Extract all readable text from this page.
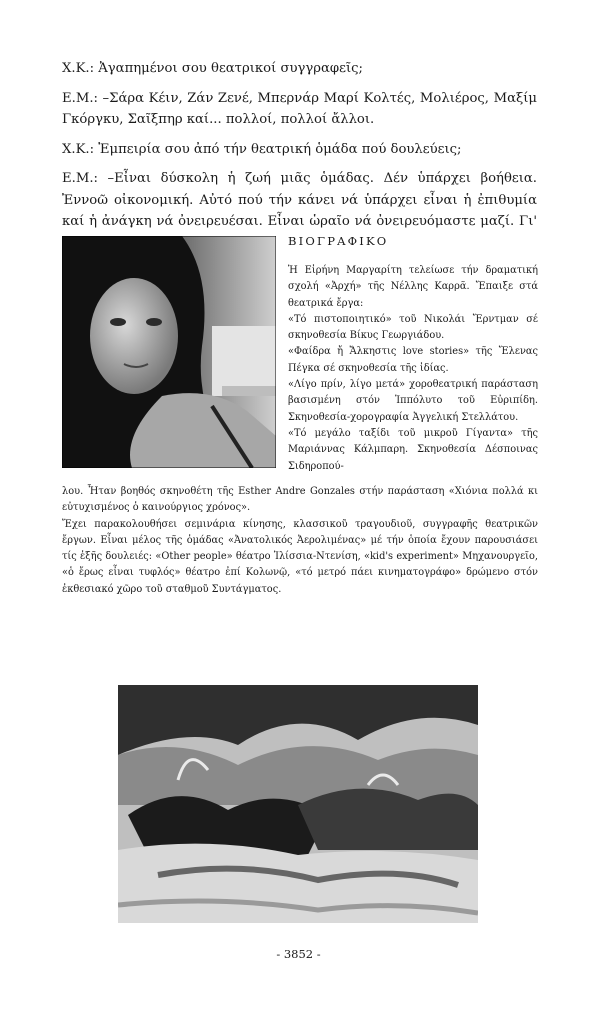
Χ.Κ.: Ἀγαπημένοι σου θεατρικοί συγγραφεῖς;

Ε.Μ.: –Σάρα Κέιν, Ζάν Ζενέ, Μπερνάρ Μαρί Κολτές, Μολιέρος, Μαξίμ Γκόργκυ, Σαῖξπηρ καί... πολλοί, πολλοί ἄλλοι.

Χ.Κ.: Ἐμπειρία σου ἀπό τήν θεατρική ὁμάδα πού δουλεύεις;

Ε.Μ.: –Εἶναι δύσκολη ἡ ζωή μιᾶς ὁμάδας. Δέν ὑπάρχει βοήθεια. Ἐννοῶ οἰκονομική. Αὐτό πού τήν κάνει νά ὑπάρχει εἶναι ἡ ἐπιθυμία καί ἡ ἀνάγκη νά ὀνειρευέσαι. Εἶναι ὡραῖο νά ὀνειρευόμαστε μαζί. Γι'

ΒΙΟΓΡΑΦΙΚΟ

Ἡ Εἰρήνη Μαργαρίτη τελείωσε τήν δραματική σχολή «Ἀρχή» τῆς Νέλλης Καρρᾶ. Ἔπαιξε στά θεατρικά ἔργα:

«Τό πιστοποιητικό» τοῦ Νικολάι Ἔρντμαν σέ σκηνοθεσία Βίκυς Γεωργιάδου.

«Φαίδρα ἤ Ἄλκηστις love stories» τῆς Ἔλενας Πέγκα σέ σκηνοθεσία τῆς ἰδίας.

«Λίγο πρίν, λίγο μετά» χοροθεατρική παράσταση βασισμένη στόν Ἱππόλυτο τοῦ Εὐριπίδη. Σκηνοθεσία-χορογραφία Ἀγγελική Στελλάτου.

«Τό μεγάλο ταξίδι τοῦ μικροῦ Γίγαντα» τῆς Μαριάννας Κάλμπαρη. Σκηνοθεσία Δέσποινας Σιδηροπού-

λου. Ἦταν βοηθός σκηνοθέτη τῆς Esther Andre Gonzales στήν παράσταση «Χιόνια πολλά κι εὐτυχισμένος ὁ καινούργιος χρόνος».

Ἔχει παρακολουθήσει σεμινάρια κίνησης, κλασσικοῦ τραγουδιοῦ, συγγραφῆς θεατρικῶν ἔργων. Εἶναι μέλος τῆς ὁμάδας «Ἀνατολικός Ἀερολιμένας» μέ τήν ὁποία ἔχουν παρουσιάσει τίς ἑξῆς δουλειές: «Other people» θέατρο Ἰλίσσια-Ντενίση, «kid's experiment» Μηχανουργεῖο, «ὁ ἔρως εἶναι τυφλός» θέατρο ἐπί Κολωνῷ, «τό μετρό πάει κινηματογράφο» δρώμενο στόν ἐκθεσιακό χῶρο τοῦ σταθμοῦ Συντάγματος.

- 3852 -
